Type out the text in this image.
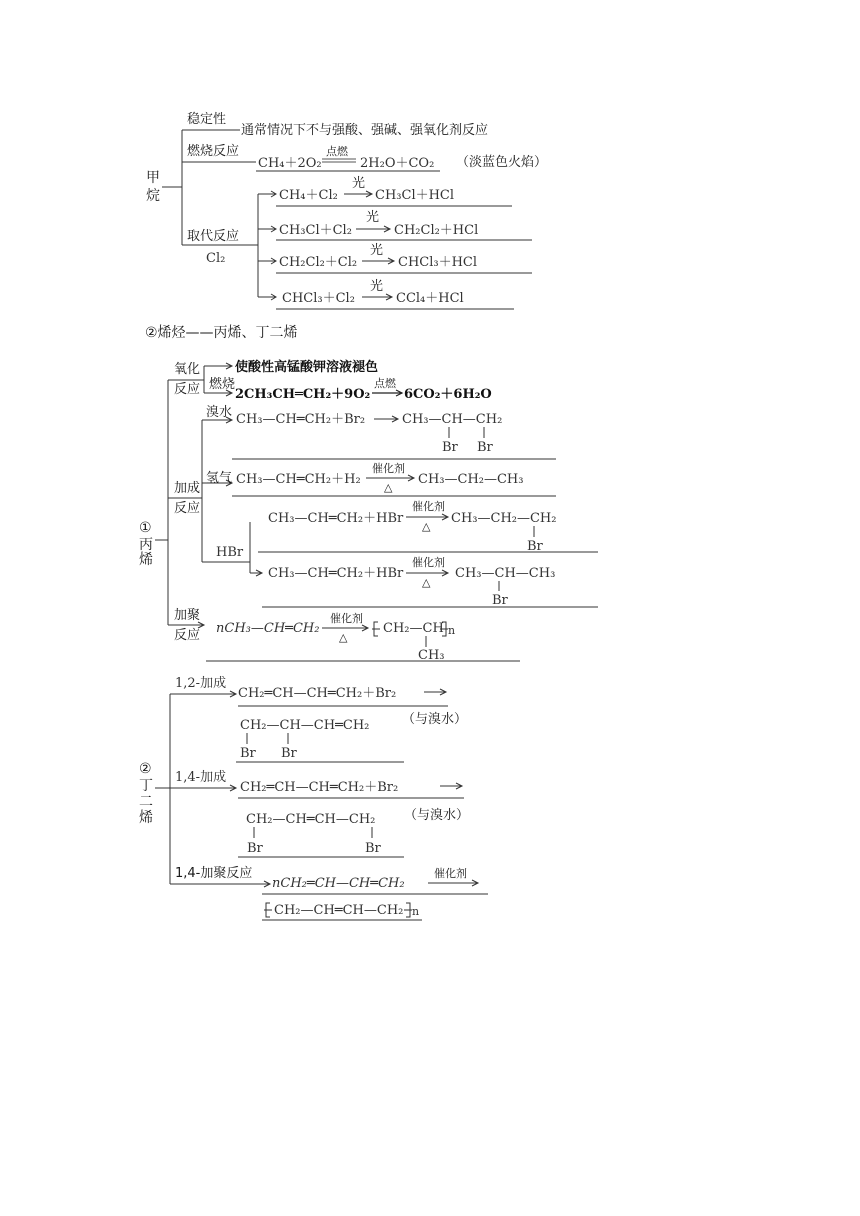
甲
烷
稳定性
通常情况下不与强酸、强碱、强氧化剂反应
燃烧反应
CH₄＋2O₂
点燃
2H₂O＋CO₂ （淡蓝色火焰）
取代反应
Cl₂
CH₄＋Cl₂
光
CH₃Cl＋HCl
CH₃Cl＋Cl₂
光
CH₂Cl₂＋HCl
CH₂Cl₂＋Cl₂
光
CHCl₃＋HCl
CHCl₃＋Cl₂
光
CCl₄＋HCl
②烯烃——丙烯、丁二烯
①
丙
烯
氧化
反应
使酸性高锰酸钾溶液褪色
燃烧
2CH₃CH═CH₂＋9O₂
点燃
6CO₂＋6H₂O
加成
反应
溴水 CH₃—CH═CH₂＋Br₂	CH₃—CH—CH₂
Br Br
氢气 CH₃—CH═CH₂＋H₂
催化剂
△
CH₃—CH₂—CH₃
HBr
CH₃—CH═CH₂＋HBr
催化剂
△
CH₃—CH₂—CH₂
Br
CH₃—CH═CH₂＋HBr
催化剂
△
CH₃—CH—CH₃
Br
加聚
反应 nCH₃—CH═CH₂
催化剂
△
CH₂—CH n
CH₃
②
丁
二
烯
1,2-加成
CH₂═CH—CH═CH₂＋Br₂
CH₂—CH—CH═CH₂
Br Br
（与溴水）
1,4-加成
CH₂═CH—CH═CH₂＋Br₂
CH₂—CH═CH—CH₂
Br	Br
（与溴水）
1,4-加聚反应
nCH₂═CH—CH═CH₂
催化剂
CH₂—CH═CH—CH₂ n
